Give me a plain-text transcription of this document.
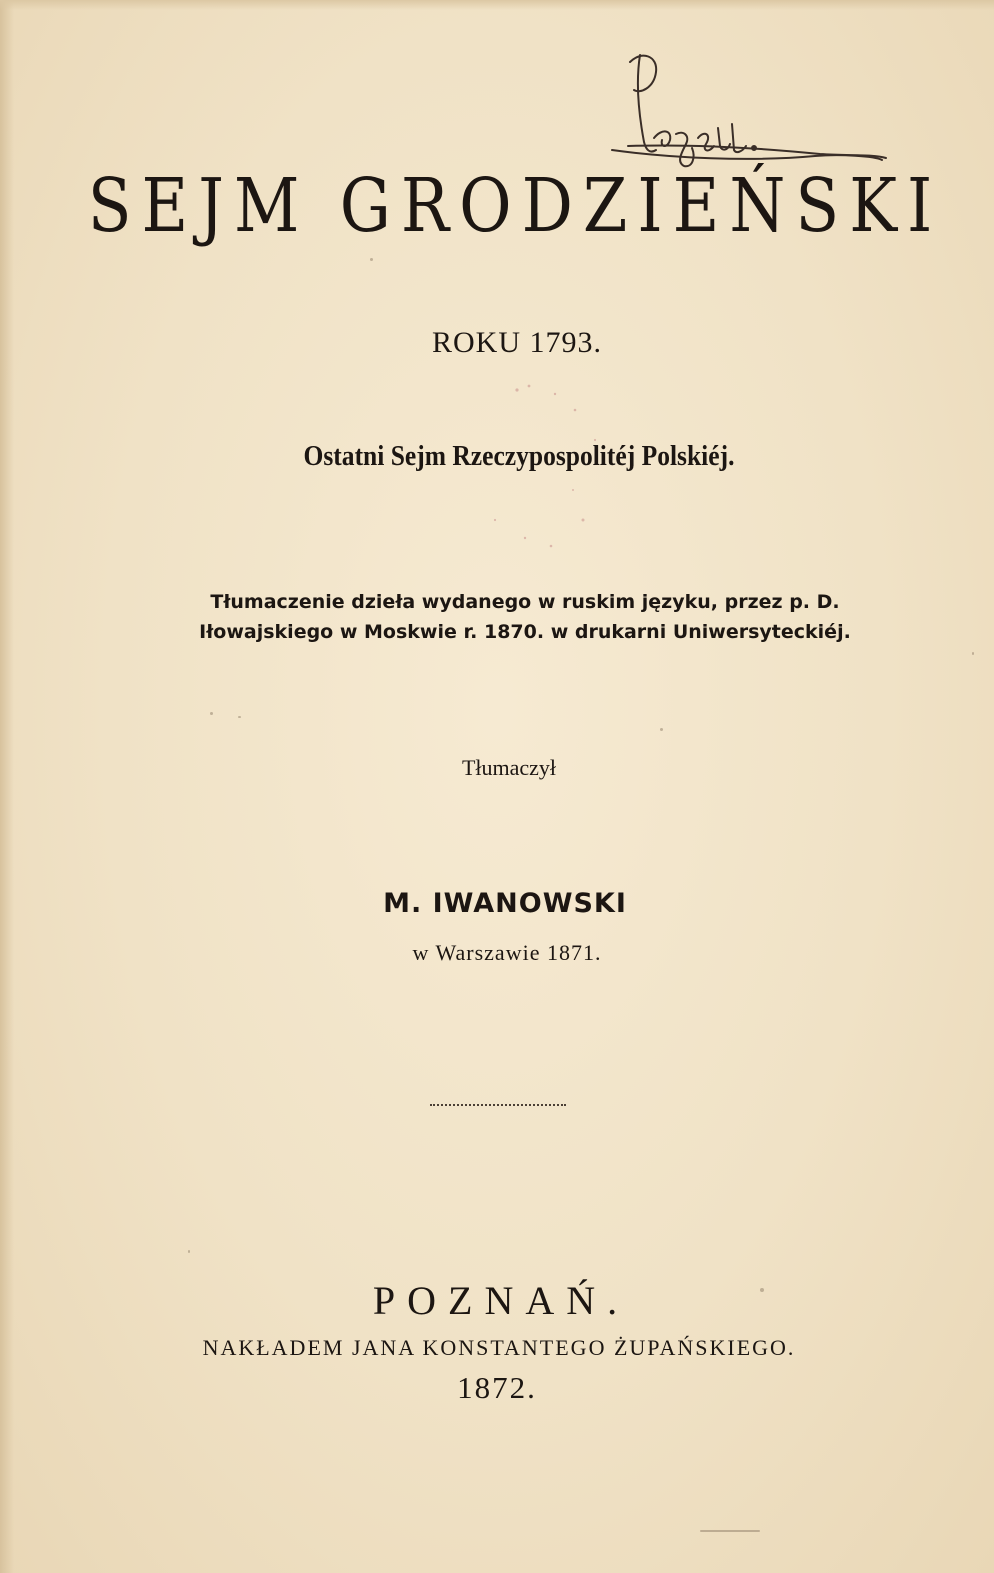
SEJM GRODZIEŃSKI
ROKU 1793.
Ostatni Sejm Rzeczypospolitéj Polskiéj.
Tłumaczenie dzieła wydanego w ruskim języku, przez p. D. Iłowajskiego w Moskwie r. 1870. w drukarni Uniwersyteckiéj.
Tłumaczył
M. IWANOWSKI
w Warszawie 1871.
POZNAŃ.
NAKŁADEM JANA KONSTANTEGO ŻUPAŃSKIEGO.
1872.
